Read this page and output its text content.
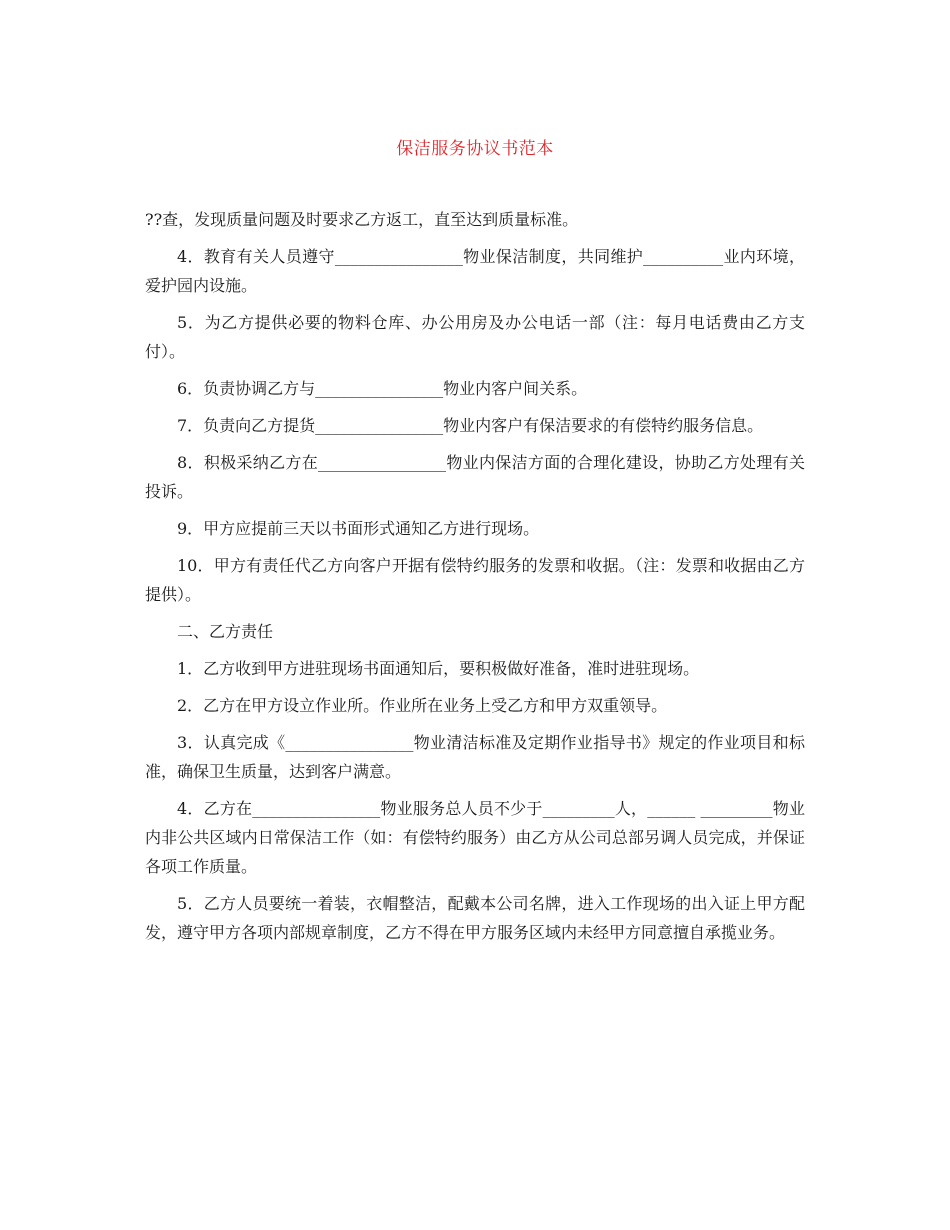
保洁服务协议书范本

??查，发现质量问题及时要求乙方返工，直至达到质量标准。

4．教育有关人员遵守________________物业保洁制度，共同维护__________业内环境，爱护园内设施。

5．为乙方提供必要的物料仓库、办公用房及办公电话一部（注：每月电话费由乙方支付）。

6．负责协调乙方与________________物业内客户间关系。

7．负责向乙方提货________________物业内客户有保洁要求的有偿特约服务信息。

8．积极采纳乙方在________________物业内保洁方面的合理化建设，协助乙方处理有关投诉。

9．甲方应提前三天以书面形式通知乙方进行现场。

10．甲方有责任代乙方向客户开据有偿特约服务的发票和收据。（注：发票和收据由乙方提供）。

二、乙方责任

1．乙方收到甲方进驻现场书面通知后，要积极做好准备，准时进驻现场。

2．乙方在甲方设立作业所。作业所在业务上受乙方和甲方双重领导。

3．认真完成《________________物业清洁标准及定期作业指导书》规定的作业项目和标准，确保卫生质量，达到客户满意。

4．乙方在________________物业服务总人员不少于_________人，______ _________物业内非公共区域内日常保洁工作（如：有偿特约服务）由乙方从公司总部另调人员完成，并保证各项工作质量。

5．乙方人员要统一着装，衣帽整洁，配戴本公司名牌，进入工作现场的出入证上甲方配发，遵守甲方各项内部规章制度，乙方不得在甲方服务区域内未经甲方同意擅自承揽业务。
